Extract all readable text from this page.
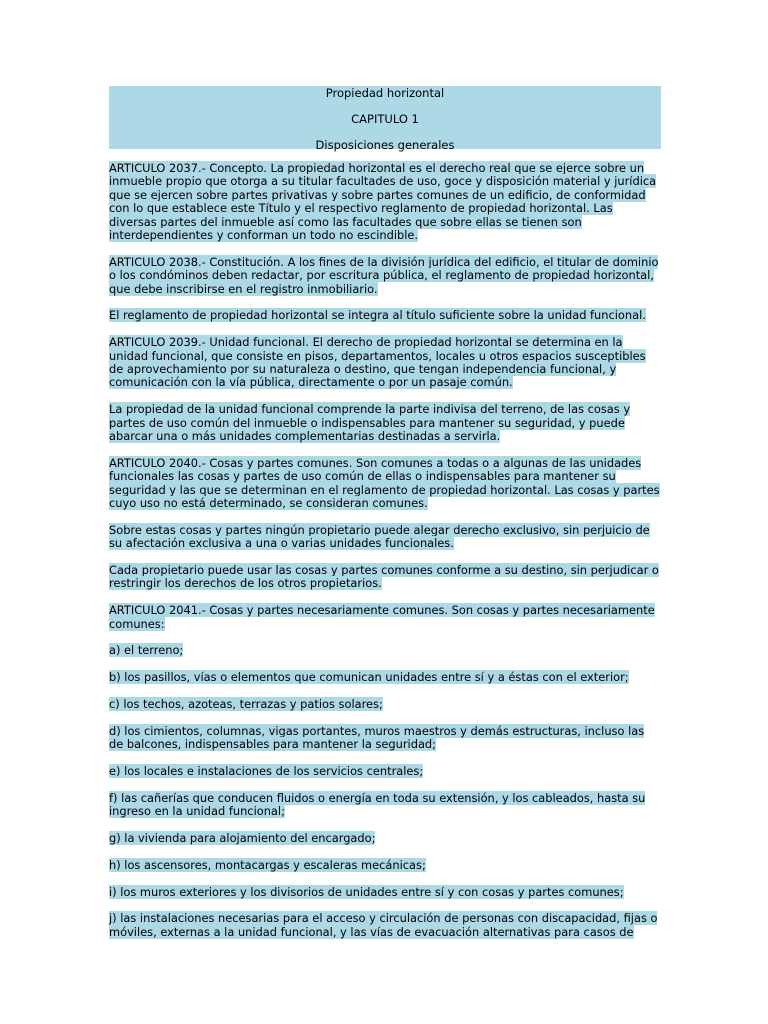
Propiedad horizontal
CAPITULO 1
Disposiciones generales

ARTICULO 2037.- Concepto. La propiedad horizontal es el derecho real que se ejerce sobre un inmueble propio que otorga a su titular facultades de uso, goce y disposición material y jurídica que se ejercen sobre partes privativas y sobre partes comunes de un edificio, de conformidad con lo que establece este Título y el respectivo reglamento de propiedad horizontal. Las diversas partes del inmueble así como las facultades que sobre ellas se tienen son interdependientes y conforman un todo no escindible.

ARTICULO 2038.- Constitución. A los fines de la división jurídica del edificio, el titular de dominio o los condóminos deben redactar, por escritura pública, el reglamento de propiedad horizontal, que debe inscribirse en el registro inmobiliario.

El reglamento de propiedad horizontal se integra al título suficiente sobre la unidad funcional.

ARTICULO 2039.- Unidad funcional. El derecho de propiedad horizontal se determina en la unidad funcional, que consiste en pisos, departamentos, locales u otros espacios susceptibles de aprovechamiento por su naturaleza o destino, que tengan independencia funcional, y comunicación con la vía pública, directamente o por un pasaje común.

La propiedad de la unidad funcional comprende la parte indivisa del terreno, de las cosas y partes de uso común del inmueble o indispensables para mantener su seguridad, y puede abarcar una o más unidades complementarias destinadas a servirla.

ARTICULO 2040.- Cosas y partes comunes. Son comunes a todas o a algunas de las unidades funcionales las cosas y partes de uso común de ellas o indispensables para mantener su seguridad y las que se determinan en el reglamento de propiedad horizontal. Las cosas y partes cuyo uso no está determinado, se consideran comunes.

Sobre estas cosas y partes ningún propietario puede alegar derecho exclusivo, sin perjuicio de su afectación exclusiva a una o varias unidades funcionales.

Cada propietario puede usar las cosas y partes comunes conforme a su destino, sin perjudicar o restringir los derechos de los otros propietarios.

ARTICULO 2041.- Cosas y partes necesariamente comunes. Son cosas y partes necesariamente comunes:

a) el terreno;

b) los pasillos, vías o elementos que comunican unidades entre sí y a éstas con el exterior;

c) los techos, azoteas, terrazas y patios solares;

d) los cimientos, columnas, vigas portantes, muros maestros y demás estructuras, incluso las de balcones, indispensables para mantener la seguridad;

e) los locales e instalaciones de los servicios centrales;

f) las cañerías que conducen fluidos o energía en toda su extensión, y los cableados, hasta su ingreso en la unidad funcional;

g) la vivienda para alojamiento del encargado;

h) los ascensores, montacargas y escaleras mecánicas;

i) los muros exteriores y los divisorios de unidades entre sí y con cosas y partes comunes;

j) las instalaciones necesarias para el acceso y circulación de personas con discapacidad, fijas o móviles, externas a la unidad funcional, y las vías de evacuación alternativas para casos de
